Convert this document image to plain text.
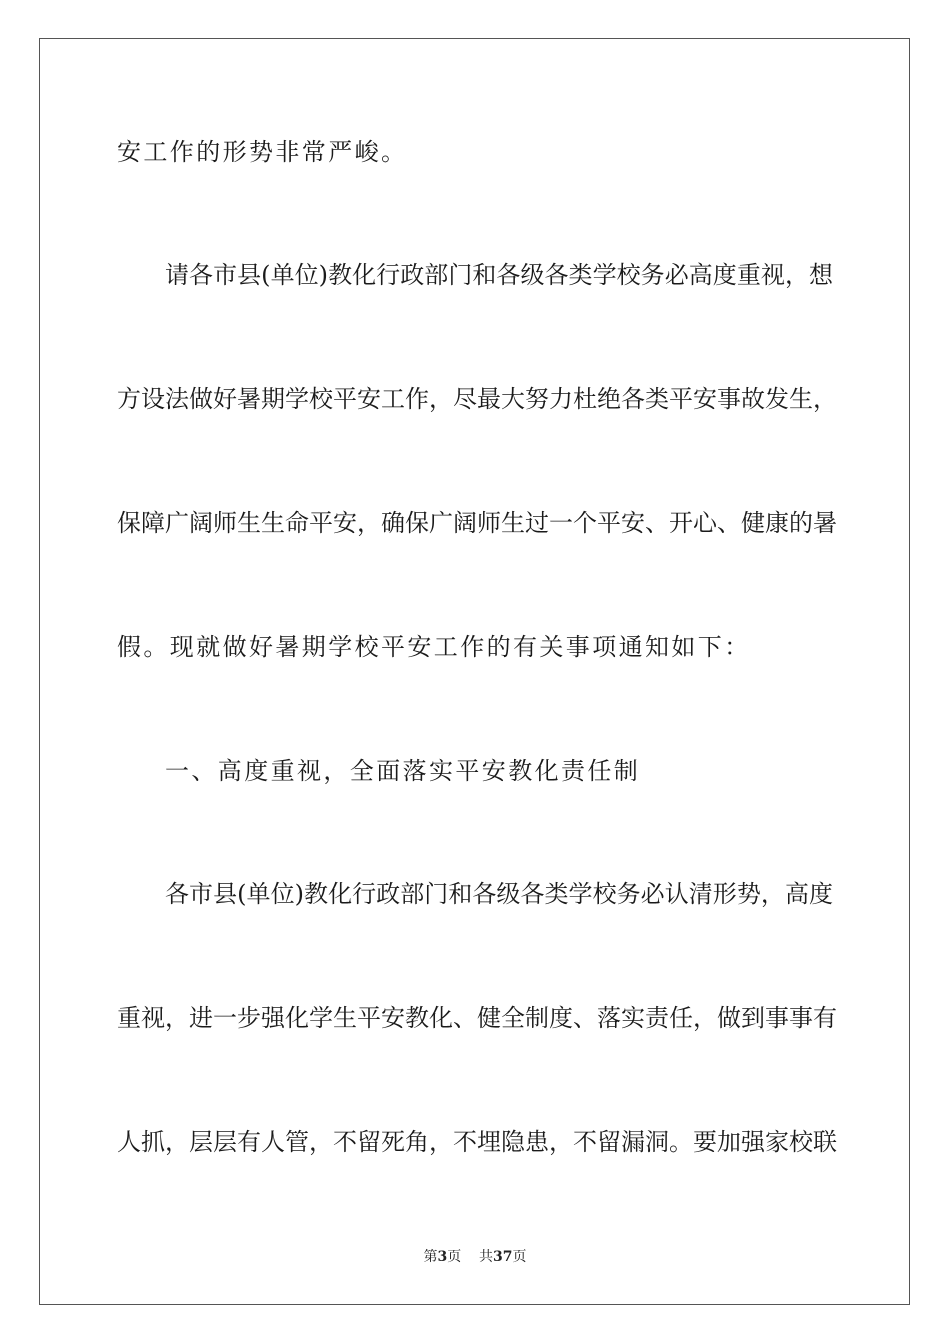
安工作的形势非常严峻。
请各市县(单位)教化行政部门和各级各类学校务必高度重视，想
方设法做好暑期学校平安工作，尽最大努力杜绝各类平安事故发生，
保障广阔师生生命平安，确保广阔师生过一个平安、开心、健康的暑
假。现就做好暑期学校平安工作的有关事项通知如下：
一、高度重视，全面落实平安教化责任制
各市县(单位)教化行政部门和各级各类学校务必认清形势，高度
重视，进一步强化学生平安教化、健全制度、落实责任，做到事事有
人抓，层层有人管，不留死角，不埋隐患，不留漏洞。要加强家校联
第3页 共37页
